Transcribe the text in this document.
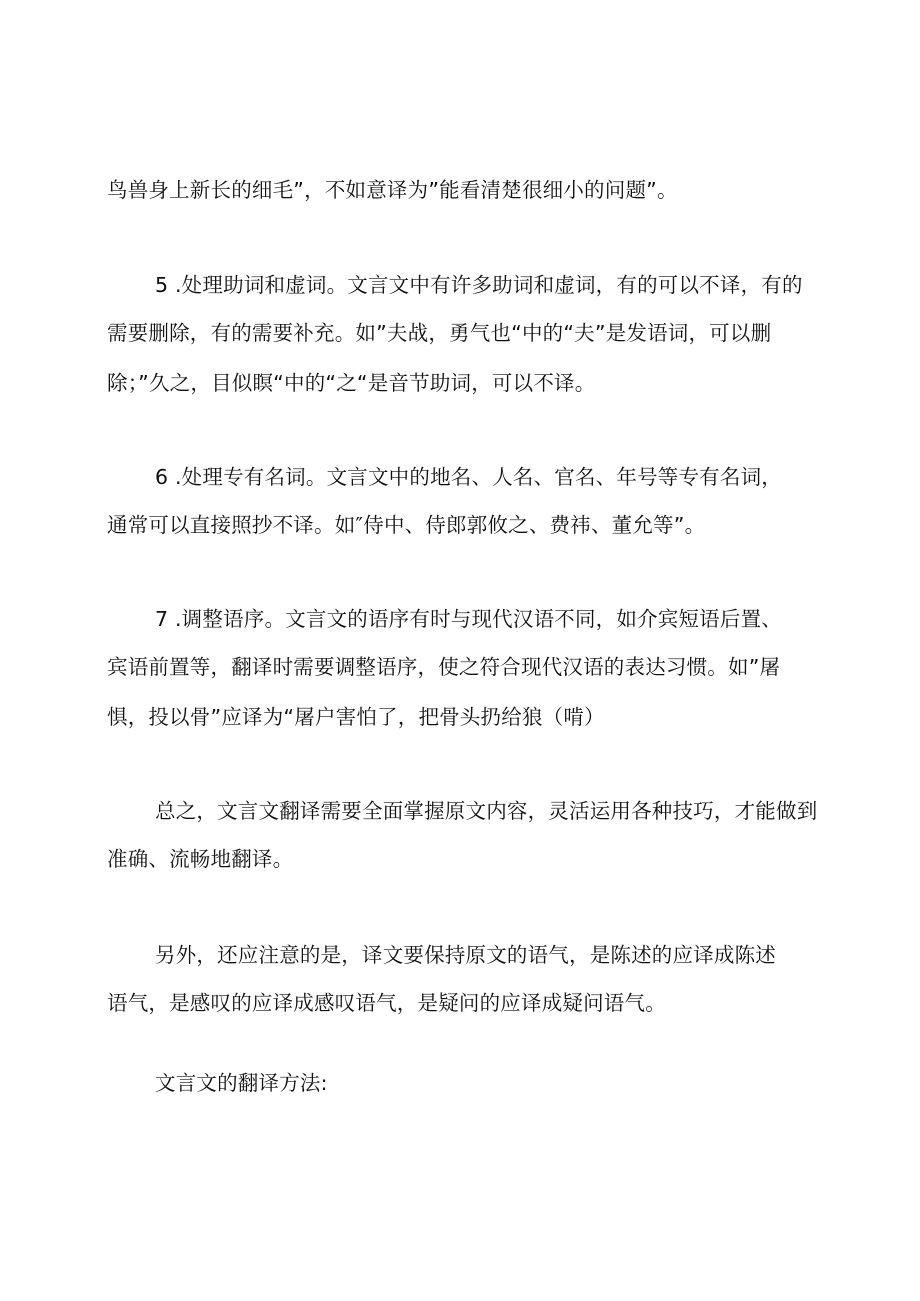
鸟兽身上新长的细毛”，不如意译为”能看清楚很细小的问题”。
5 .处理助词和虚词。文言文中有许多助词和虚词，有的可以不译，有的
需要删除，有的需要补充。如”夫战，勇气也“中的“夫”是发语词，可以删
除；”久之，目似瞑“中的“之“是音节助词，可以不译。
6 .处理专有名词。文言文中的地名、人名、官名、年号等专有名词，
通常可以直接照抄不译。如″侍中、侍郎郭攸之、费祎、董允等”。
7 .调整语序。文言文的语序有时与现代汉语不同，如介宾短语后置、
宾语前置等，翻译时需要调整语序，使之符合现代汉语的表达习惯。如”屠
惧，投以骨”应译为“屠户害怕了，把骨头扔给狼（啃）
总之，文言文翻译需要全面掌握原文内容，灵活运用各种技巧，才能做到
准确、流畅地翻译。
另外，还应注意的是，译文要保持原文的语气，是陈述的应译成陈述
语气，是感叹的应译成感叹语气，是疑问的应译成疑问语气。
文言文的翻译方法:
